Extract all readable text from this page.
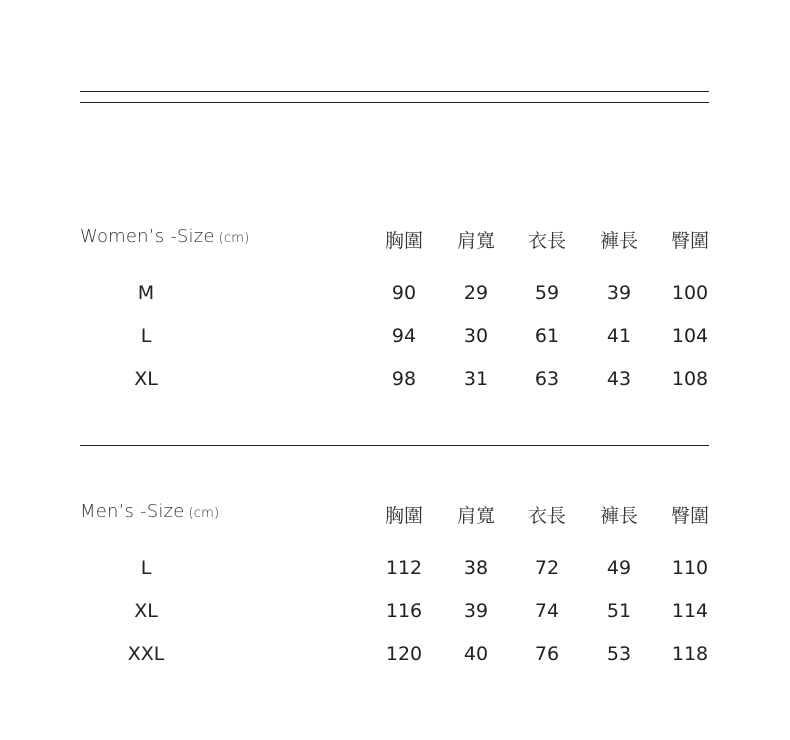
Women’s -Size (cm)	胸圍	肩寬	衣長	褲長	臀圍
M	90	29	59	39	100
L	94	30	61	41	104
XL	98	31	63	43	108
Men’s -Size (cm)	胸圍	肩寬	衣長	褲長	臀圍
L	112	38	72	49	110
XL	116	39	74	51	114
XXL	120	40	76	53	118
